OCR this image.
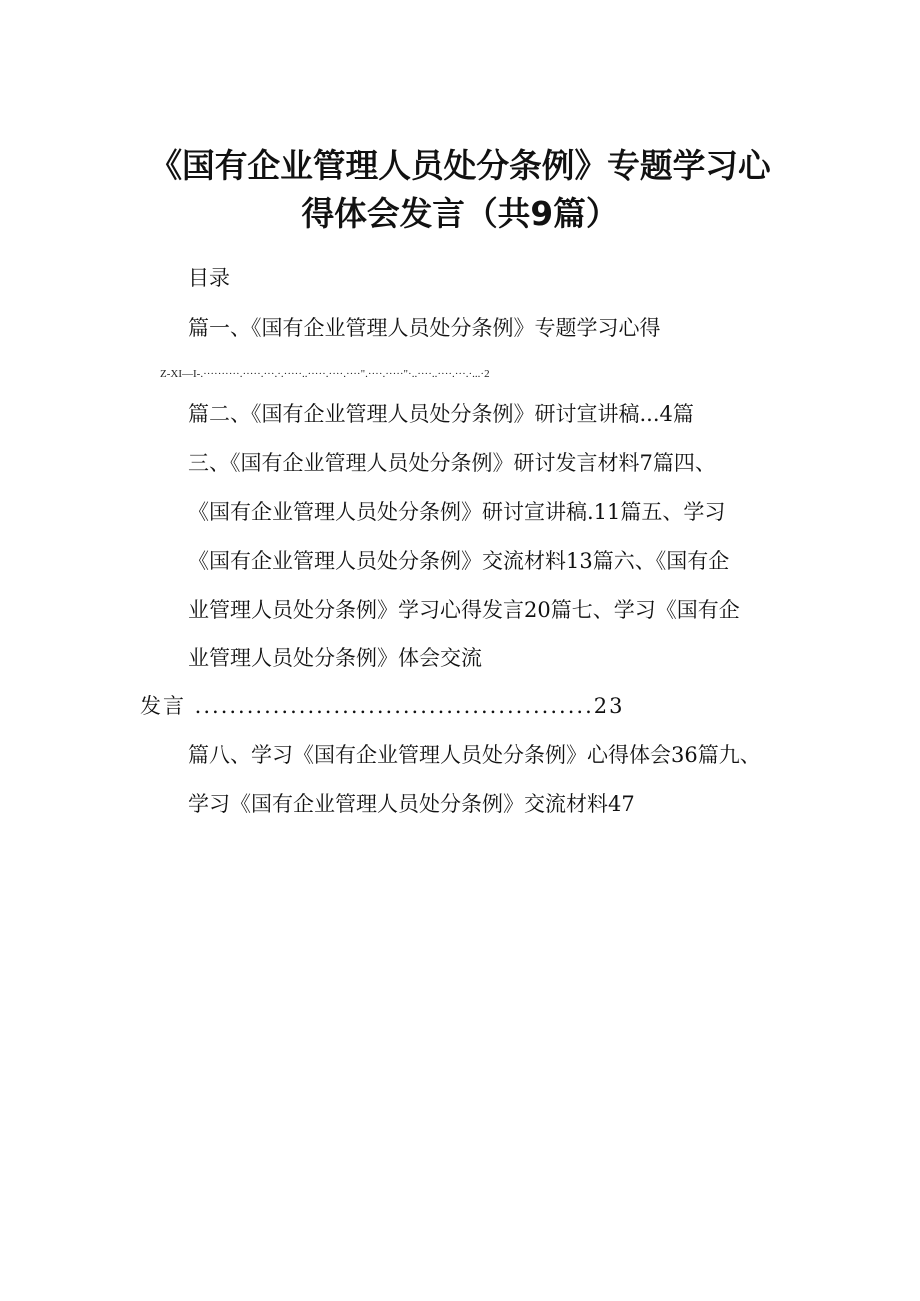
《国有企业管理人员处分条例》专题学习心
得体会发言（共9篇）
目录
篇一、《国有企业管理人员处分条例》专题学习心得
Z-XI—I-.··········.·····.···.·.·····..·····.····.····".····.·····"·..····..····.···.·...·2
篇二、《国有企业管理人员处分条例》研讨宣讲稿...4篇
三、《国有企业管理人员处分条例》研讨发言材料7篇四、
《国有企业管理人员处分条例》研讨宣讲稿.11篇五、学习
《国有企业管理人员处分条例》交流材料13篇六、《国有企
业管理人员处分条例》学习心得发言20篇七、学习《国有企
业管理人员处分条例》体会交流
发言 ..............................................23
篇八、学习《国有企业管理人员处分条例》心得体会36篇九、
学习《国有企业管理人员处分条例》交流材料47
